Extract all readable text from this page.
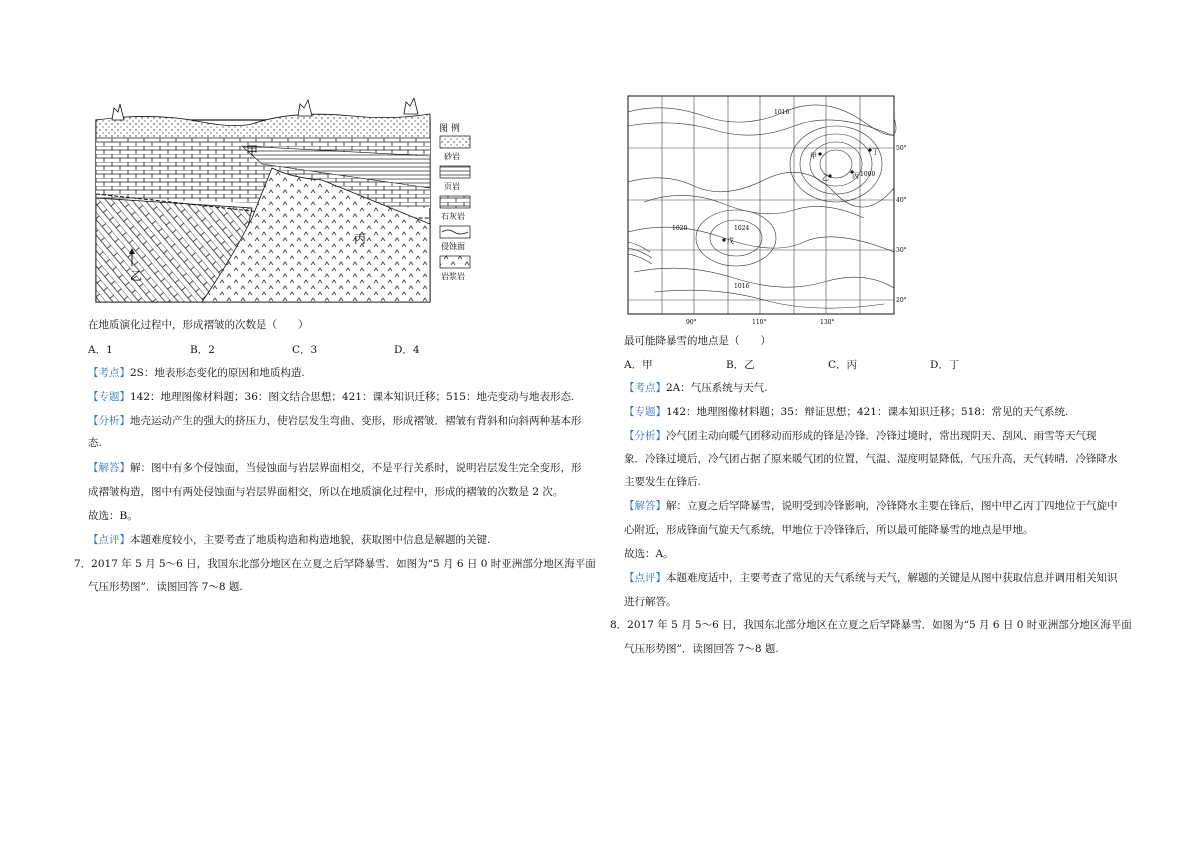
甲
丙
乙
图 例
砂岩
页岩
石灰岩
侵蚀面
岩浆岩
在地质演化过程中，形成褶皱的次数是（　　）
A．1	B．2	C．3	D．4
【考点】2S：地表形态变化的原因和地质构造.
【专题】142：地理图像材料题；36：图文结合思想；421：课本知识迁移；515：地壳变动与地表形态.
【分析】地壳运动产生的强大的挤压力，使岩层发生弯曲、变形，形成褶皱．褶皱有背斜和向斜两种基本形
态.
【解答】解：图中有多个侵蚀面，当侵蚀面与岩层界面相交，不是平行关系时，说明岩层发生完全变形，形
成褶皱构造，图中有两处侵蚀面与岩层界面相交，所以在地质演化过程中，形成的褶皱的次数是 2 次。
故选：B。
【点评】本题难度较小，主要考查了地质构造和构造地貌，获取图中信息是解题的关键.
7．2017 年 5 月 5～6 日，我国东北部分地区在立夏之后罕降暴雪．如图为“5 月 6 日 0 时亚洲部分地区海平面
气压形势图”．读图回答 7～8 题.
1016
1020	1024
1016
1000
甲
乙	丙
丁
戊
50°
40°
30°
20°
90°	110°	130°
最可能降暴雪的地点是（　　）
A．甲	B．乙	C．丙	D．丁
【考点】2A：气压系统与天气.
【专题】142：地理图像材料题；35：辩证思想；421：课本知识迁移；518：常见的天气系统.
【分析】冷气团主动向暖气团移动而形成的锋是冷锋．冷锋过境时，常出现阴天、刮风、雨雪等天气现
象．冷锋过境后，冷气团占据了原来暖气团的位置，气温、湿度明显降低，气压升高，天气转晴．冷锋降水
主要发生在锋后.
【解答】解：立夏之后罕降暴雪，说明受到冷锋影响，冷锋降水主要在锋后，图中甲乙丙丁四地位于气旋中
心附近，形成锋面气旋天气系统，甲地位于冷锋锋后，所以最可能降暴雪的地点是甲地。
故选：A。
【点评】本题难度适中，主要考查了常见的天气系统与天气，解题的关键是从图中获取信息并调用相关知识
进行解答。
8．2017 年 5 月 5～6 日，我国东北部分地区在立夏之后罕降暴雪．如图为“5 月 6 日 0 时亚洲部分地区海平面
气压形势图”．读图回答 7～8 题.
